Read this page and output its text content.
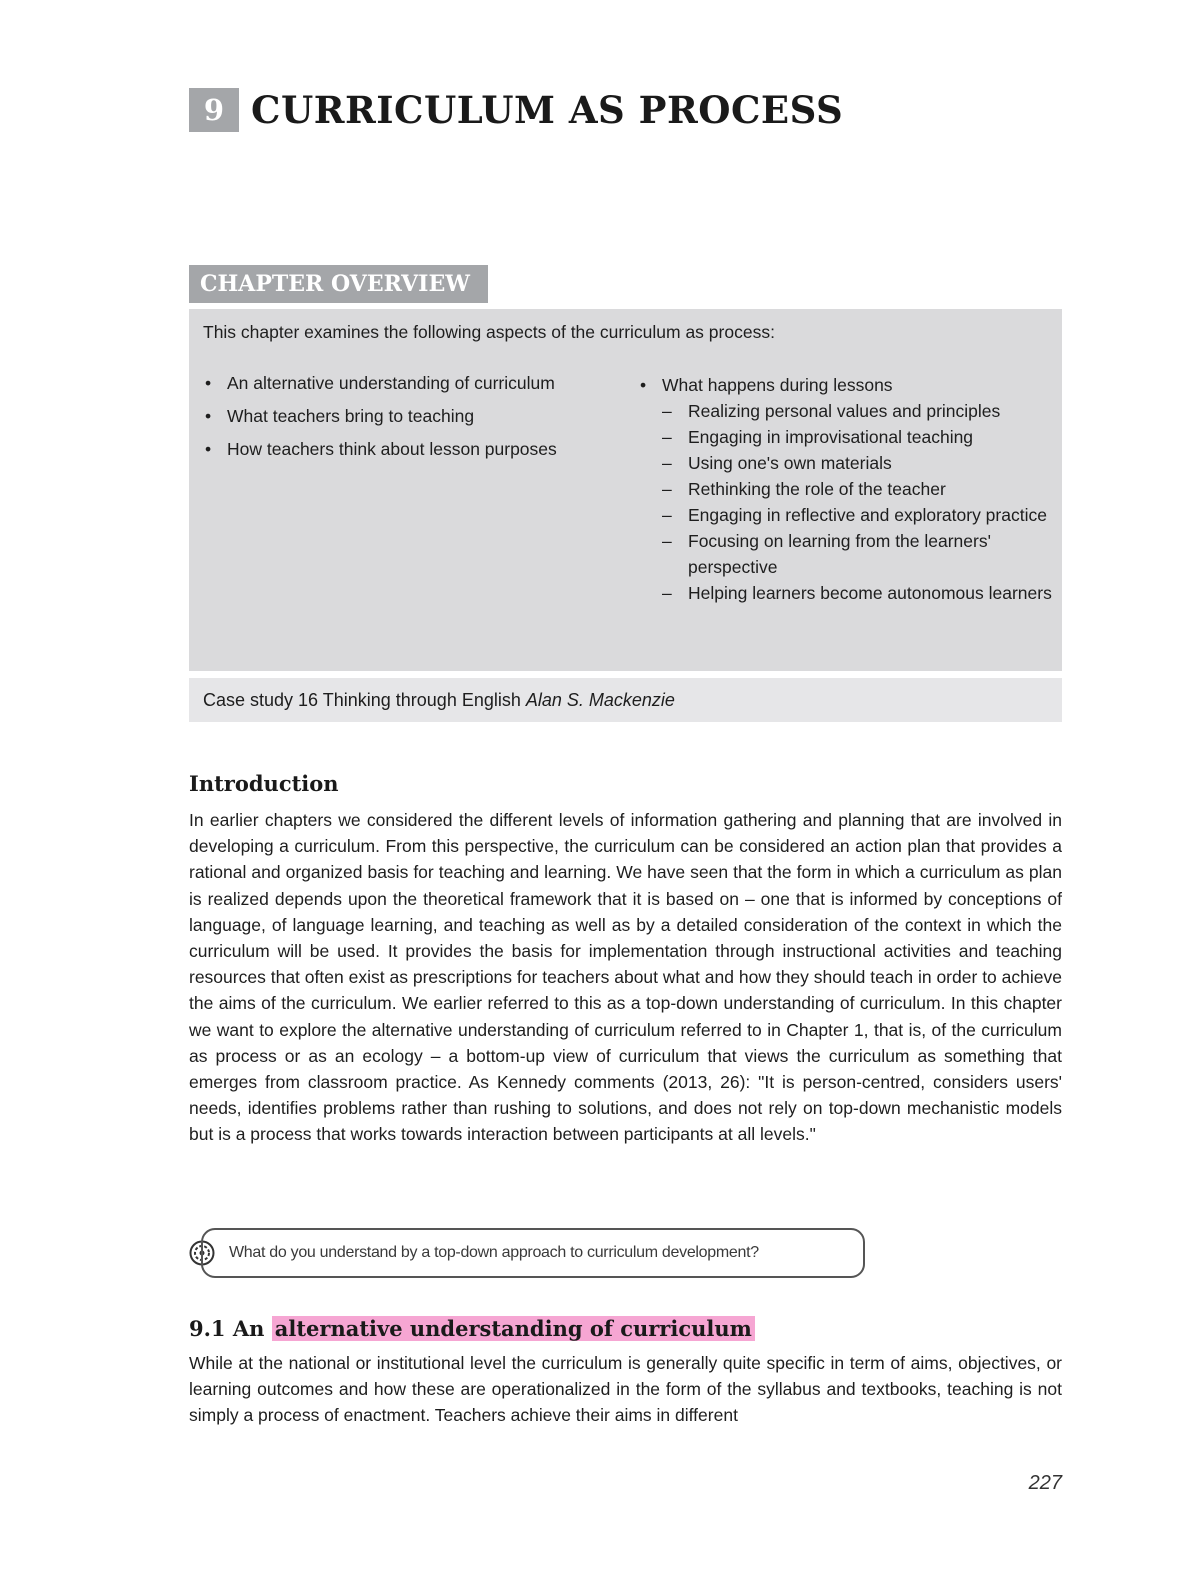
9 CURRICULUM AS PROCESS
CHAPTER OVERVIEW
This chapter examines the following aspects of the curriculum as process:
• An alternative understanding of curriculum
• What teachers bring to teaching
• How teachers think about lesson purposes
• What happens during lessons
– Realizing personal values and principles
– Engaging in improvisational teaching
– Using one's own materials
– Rethinking the role of the teacher
– Engaging in reflective and exploratory practice
– Focusing on learning from the learners' perspective
– Helping learners become autonomous learners
Case study 16 Thinking through English Alan S. Mackenzie
Introduction
In earlier chapters we considered the different levels of information gathering and planning that are involved in developing a curriculum. From this perspective, the curriculum can be considered an action plan that provides a rational and organized basis for teaching and learning. We have seen that the form in which a curriculum as plan is realized depends upon the theoretical framework that it is based on – one that is informed by conceptions of language, of language learning, and teaching as well as by a detailed consideration of the context in which the curriculum will be used. It provides the basis for implementation through instructional activities and teaching resources that often exist as prescriptions for teachers about what and how they should teach in order to achieve the aims of the curriculum. We earlier referred to this as a top-down understanding of curriculum. In this chapter we want to explore the alternative understanding of curriculum referred to in Chapter 1, that is, of the curriculum as process or as an ecology – a bottom-up view of curriculum that views the curriculum as something that emerges from classroom practice. As Kennedy comments (2013, 26): "It is person-centred, considers users' needs, identifies problems rather than rushing to solutions, and does not rely on top-down mechanistic models but is a process that works towards interaction between participants at all levels."
What do you understand by a top-down approach to curriculum development?
9.1 An alternative understanding of curriculum
While at the national or institutional level the curriculum is generally quite specific in term of aims, objectives, or learning outcomes and how these are operationalized in the form of the syllabus and textbooks, teaching is not simply a process of enactment. Teachers achieve their aims in different
227
